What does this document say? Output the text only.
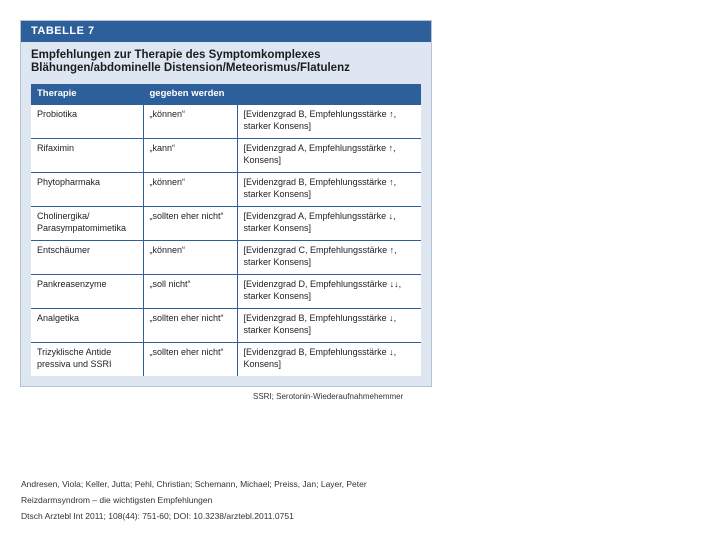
TABELLE 7
Empfehlungen zur Therapie des Symptomkomplexes Blähungen/abdominelle Distension/Meteorismus/Flatulenz
Therapie	gegeben werden	
Probiotika	„können“	[Evidenzgrad B, Empfehlungsstärke ↑, starker Konsens]
Rifaximin	„kann“	[Evidenzgrad A, Empfehlungsstärke ↑, Konsens]
Phytopharmaka	„können“	[Evidenzgrad B, Empfehlungsstärke ↑, starker Konsens]
Cholinergika/ Parasympatomimetika	„sollten eher nicht“	[Evidenzgrad A, Empfehlungsstärke ↓, starker Konsens]
Entschäumer	„können“	[Evidenzgrad C, Empfehlungsstärke ↑, starker Konsens]
Pankreasenzyme	„soll nicht“	[Evidenzgrad D, Empfehlungsstärke ↓↓, starker Konsens]
Analgetika	„sollten eher nicht“	[Evidenzgrad B, Empfehlungsstärke ↓, starker Konsens]
Trizyklische Antide pressiva und SSRI	„sollten eher nicht“	[Evidenzgrad B, Empfehlungsstärke ↓, Konsens]
SSRI; Serotonin-Wiederaufnahmehemmer
Andresen, Viola; Keller, Jutta; Pehl, Christian; Schemann, Michael; Preiss, Jan; Layer, Peter
Reizdarmsyndrom – die wichtigsten Empfehlungen
Dtsch Arztebl Int 2011; 108(44): 751-60; DOI: 10.3238/arztebl.2011.0751
